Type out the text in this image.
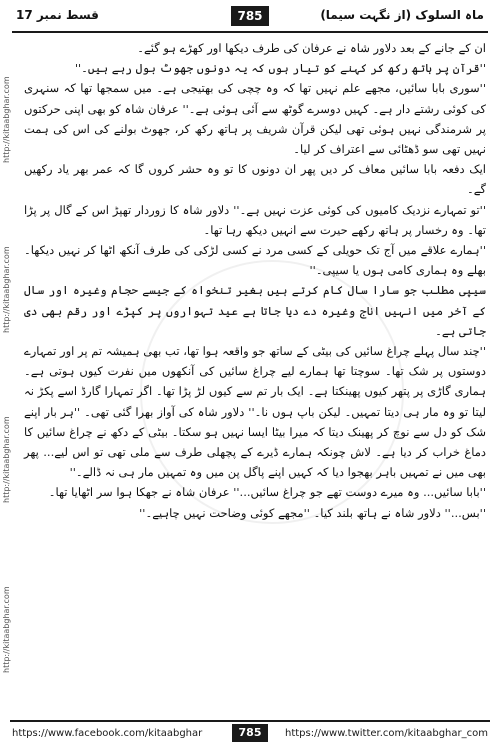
قسط نمبر 17	785	ماہ السلوک (از نگہت سیما)
http://kitaabghar.com
http://kitaabghar.com
http://kitaabghar.com
http://kitaabghar.com

ان کے جانے کے بعد دلاور شاہ نے عرفان کی طرف دیکھا اور کھڑے ہو گئے۔

''قرآن پر ہاتھ رکھ کر کہنے کو تیار ہوں کہ یہ دونوں جھوٹ بول رہے ہیں۔''

''سوری بابا سائیں، مجھے علم نہیں تھا کہ وہ چچی کی بھتیجی ہے۔ میں سمجھا تھا کہ سنہری کی کوئی رشتے دار ہے۔ کہیں دوسرے گوٹھ سے آئی ہوئی ہے۔'' عرفان شاہ کو بھی اپنی حرکتوں پر شرمندگی نہیں ہوئی تھی لیکن قرآن شریف پر ہاتھ رکھ کر، جھوٹ بولنے کی اس کی ہمت نہیں تھی سو ڈھٹائی سے اعتراف کر لیا۔

ایک دفعہ بابا سائیں معاف کر دیں پھر ان دونوں کا تو وہ حشر کروں گا کہ عمر بھر یاد رکھیں گے۔

''تو تمہارے نزدیک کامیوں کی کوئی عزت نہیں ہے۔'' دلاور شاہ کا زوردار تھپڑ اس کے گال پر پڑا تھا۔ وہ رخسار پر ہاتھ رکھے حیرت سے انہیں دیکھ رہا تھا۔

''ہمارے علاقے میں آج تک حویلی کے کسی مرد نے کسی لڑکی کی طرف آنکھ اٹھا کر نہیں دیکھا۔ بھلے وہ ہماری کامی ہوں یا سیپی۔''

سیپی مطلب جو سارا سال کام کرتے ہیں بغیر تنخواہ کے جیسے حجام وغیرہ اور سال کے آخر میں انہیں اناج وغیرہ دے دیا جاتا ہے عید تہواروں پر کپڑے اور رقم بھی دی جاتی ہے۔

''چند سال پہلے چراغ سائیں کی بیٹی کے ساتھ جو واقعہ ہوا تھا، تب بھی ہمیشہ تم پر اور تمہارے دوستوں پر شک تھا۔ سوچتا تھا ہمارے لیے چراغ سائیں کی آنکھوں میں نفرت کیوں ہوتی ہے۔ ہماری گاڑی پر پتھر کیوں پھینکتا ہے۔ ایک بار تم سے کیوں لڑ پڑا تھا۔ اگر تمہارا گارڈ اسے پکڑ نہ لیتا تو وہ مار ہی دیتا تمہیں۔ لیکن باپ ہوں نا۔'' دلاور شاہ کی آواز بھرا گئی تھی۔ ''ہر بار اپنے شک کو دل سے نوچ کر پھینک دیتا کہ میرا بیٹا ایسا نہیں ہو سکتا۔ بیٹی کے دکھ نے چراغ سائیں کا دماغ خراب کر دیا ہے۔ لاش چونکہ ہمارے ڈیرے کے پچھلی طرف سے ملی تھی تو اس لیے... پھر بھی میں نے تمہیں باہر بھجوا دیا کہ کہیں اپنے پاگل پن میں وہ تمہیں مار ہی نہ ڈالے۔''

''بابا سائیں... وہ میرے دوست تھے جو چراغ سائیں...'' عرفان شاہ نے جھکا ہوا سر اٹھایا تھا۔

''بس...'' دلاور شاہ نے ہاتھ بلند کیا۔ ''مجھے کوئی وضاحت نہیں چاہیے۔''

https://www.facebook.com/kitaabghar	785	https://www.twitter.com/kitaabghar_com
